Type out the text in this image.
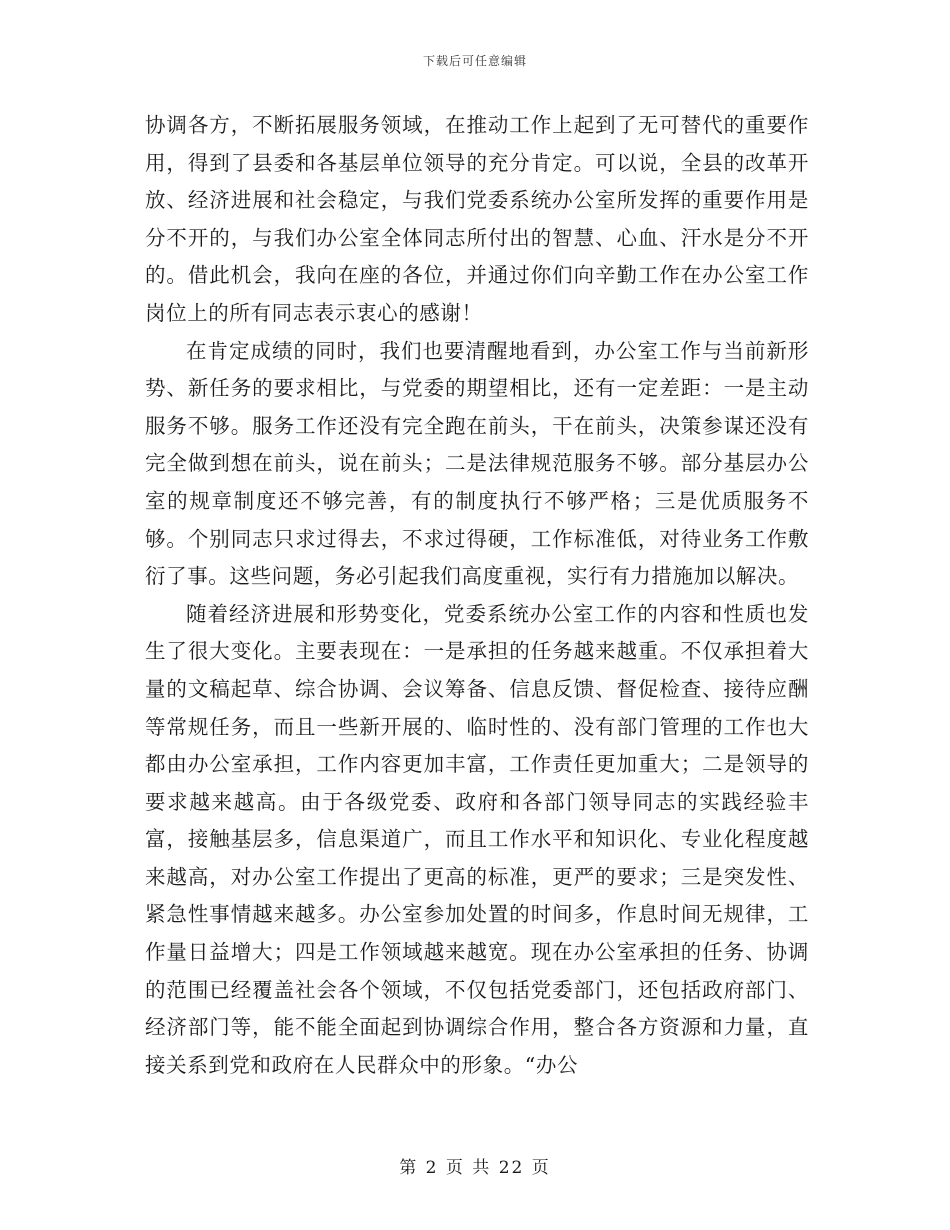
下载后可任意编辑

协调各方，不断拓展服务领域，在推动工作上起到了无可替代的重要作用，得到了县委和各基层单位领导的充分肯定。可以说，全县的改革开放、经济进展和社会稳定，与我们党委系统办公室所发挥的重要作用是分不开的，与我们办公室全体同志所付出的智慧、心血、汗水是分不开的。借此机会，我向在座的各位，并通过你们向辛勤工作在办公室工作岗位上的所有同志表示衷心的感谢！

在肯定成绩的同时，我们也要清醒地看到，办公室工作与当前新形势、新任务的要求相比，与党委的期望相比，还有一定差距：一是主动服务不够。服务工作还没有完全跑在前头，干在前头，决策参谋还没有完全做到想在前头，说在前头；二是法律规范服务不够。部分基层办公室的规章制度还不够完善，有的制度执行不够严格；三是优质服务不够。个别同志只求过得去，不求过得硬，工作标准低，对待业务工作敷衍了事。这些问题，务必引起我们高度重视，实行有力措施加以解决。

随着经济进展和形势变化，党委系统办公室工作的内容和性质也发生了很大变化。主要表现在：一是承担的任务越来越重。不仅承担着大量的文稿起草、综合协调、会议筹备、信息反馈、督促检查、接待应酬等常规任务，而且一些新开展的、临时性的、没有部门管理的工作也大都由办公室承担，工作内容更加丰富，工作责任更加重大；二是领导的要求越来越高。由于各级党委、政府和各部门领导同志的实践经验丰富，接触基层多，信息渠道广，而且工作水平和知识化、专业化程度越来越高，对办公室工作提出了更高的标准，更严的要求；三是突发性、紧急性事情越来越多。办公室参加处置的时间多，作息时间无规律，工作量日益增大；四是工作领域越来越宽。现在办公室承担的任务、协调的范围已经覆盖社会各个领域，不仅包括党委部门，还包括政府部门、经济部门等，能不能全面起到协调综合作用，整合各方资源和力量，直接关系到党和政府在人民群众中的形象。“办公

第 2 页 共 22 页
